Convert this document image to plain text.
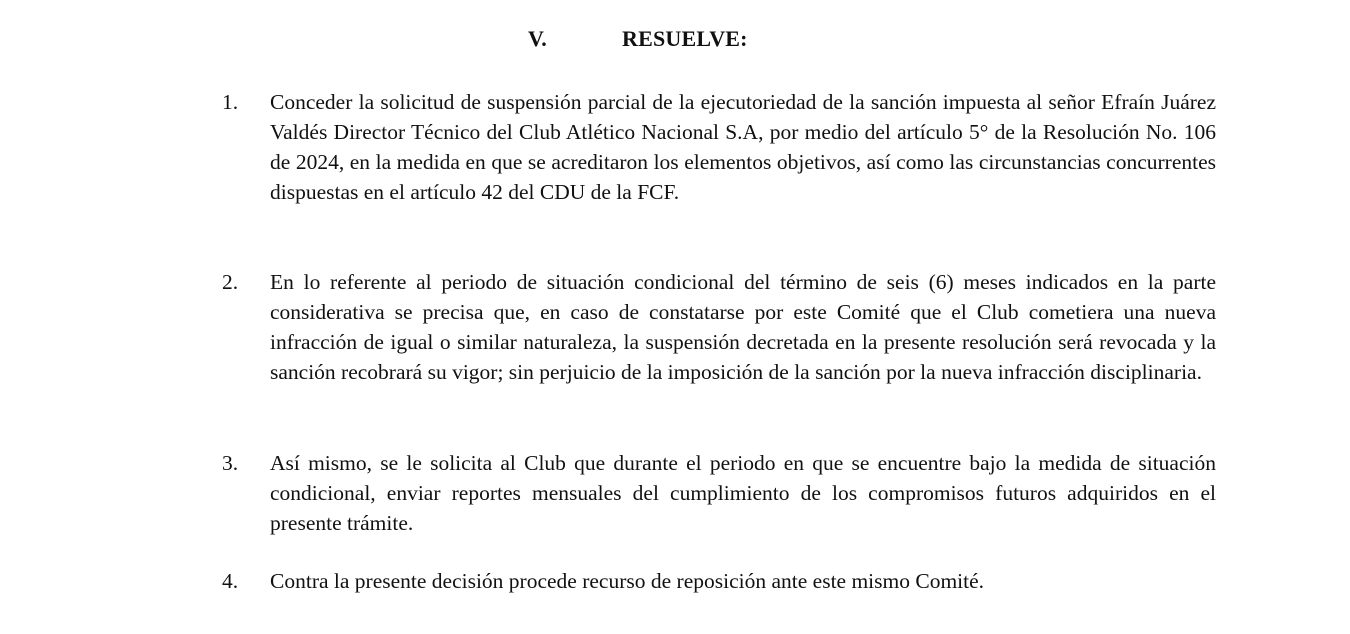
V.	RESUELVE:
1. Conceder la solicitud de suspensión parcial de la ejecutoriedad de la sanción impuesta al señor Efraín Juárez Valdés Director Técnico del Club Atlético Nacional S.A, por medio del artículo 5° de la Resolución No. 106 de 2024, en la medida en que se acreditaron los elementos objetivos, así como las circunstancias concurrentes dispuestas en el artículo 42 del CDU de la FCF.
2. En lo referente al periodo de situación condicional del término de seis (6) meses indicados en la parte considerativa se precisa que, en caso de constatarse por este Comité que el Club cometiera una nueva infracción de igual o similar naturaleza, la suspensión decretada en la presente resolución será revocada y la sanción recobrará su vigor; sin perjuicio de la imposición de la sanción por la nueva infracción disciplinaria.
3. Así mismo, se le solicita al Club que durante el periodo en que se encuentre bajo la medida de situación condicional, enviar reportes mensuales del cumplimiento de los compromisos futuros adquiridos en el presente trámite.
4. Contra la presente decisión procede recurso de reposición ante este mismo Comité.
